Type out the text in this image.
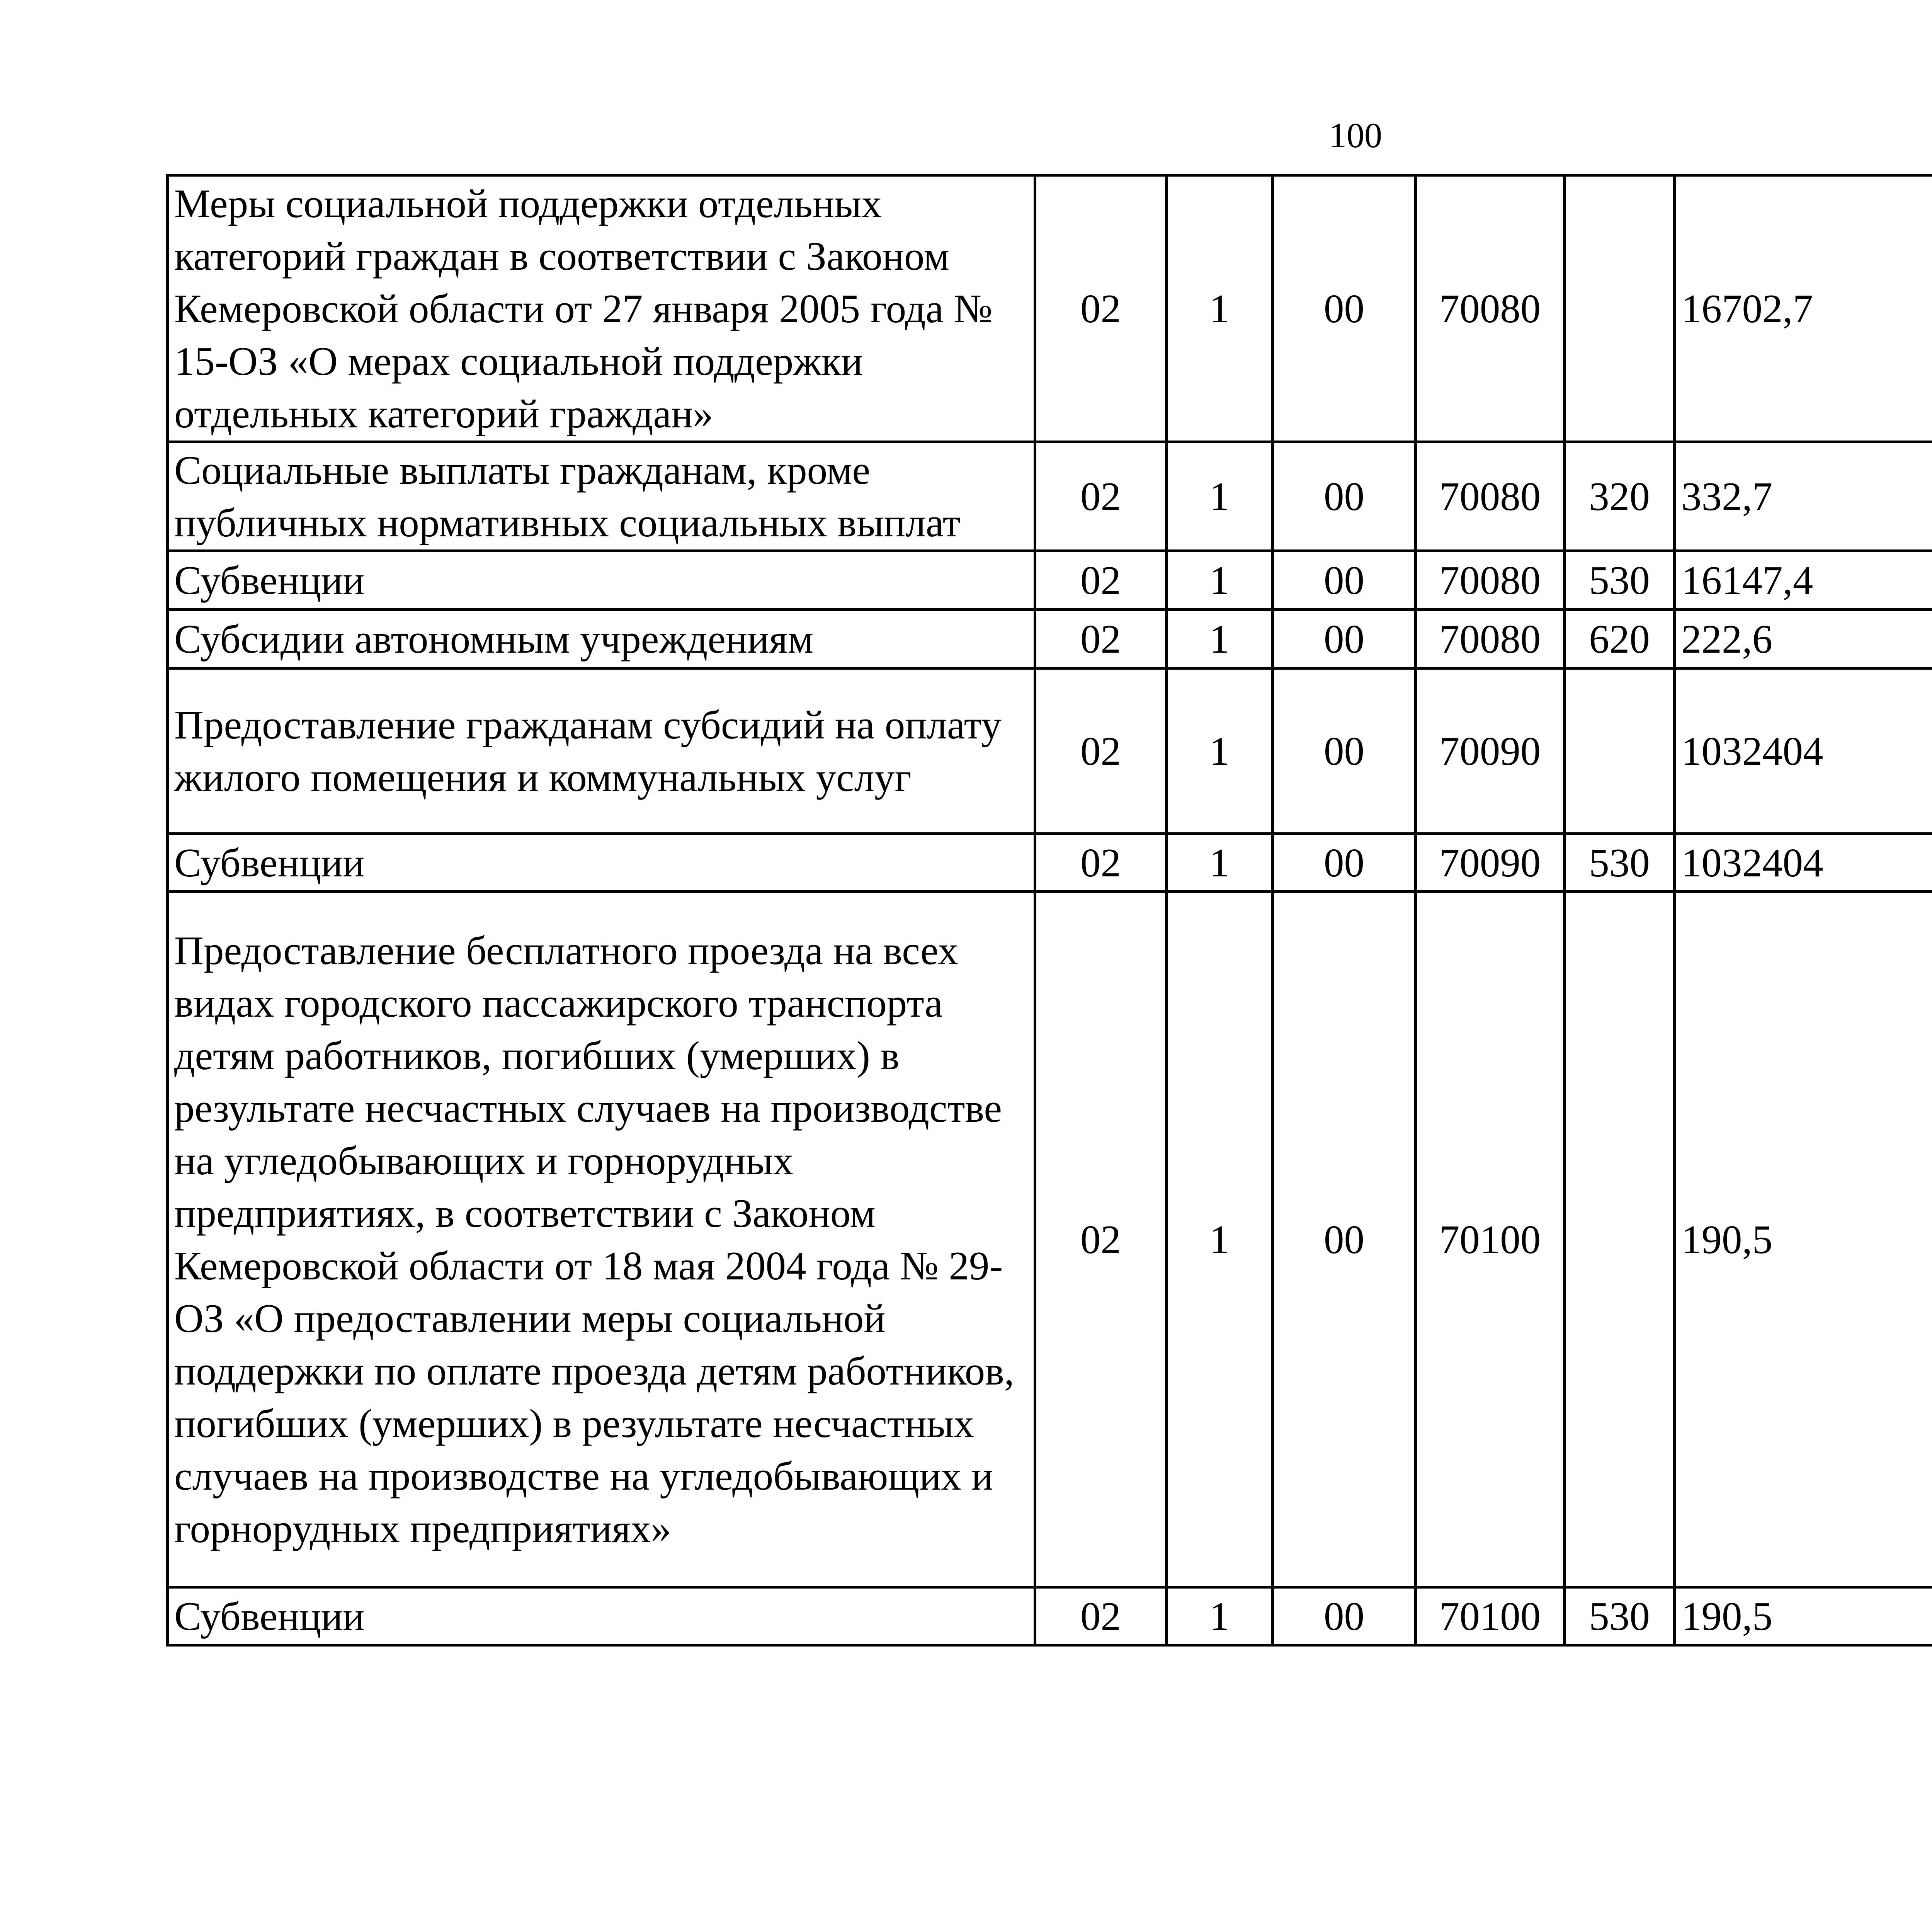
100
Меры социальной поддержки отдельных категорий граждан в соответствии с Законом Кемеровской области от 27 января 2005 года № 15-ОЗ «О мерах социальной поддержки отдельных категорий граждан»	02	1	00	70080		16702,7		
Социальные выплаты гражданам, кроме публичных нормативных социальных выплат	02	1	00	70080	320	332,7		
Субвенции	02	1	00	70080	530	16147,4		
Субсидии автономным учреждениям	02	1	00	70080	620	222,6		
Предоставление гражданам субсидий на оплату жилого помещения и коммунальных услуг	02	1	00	70090		1032404		
Субвенции	02	1	00	70090	530	1032404		
Предоставление бесплатного проезда на всех видах городского пассажирского транспорта детям работников, погибших (умерших) в результате несчастных случаев на производстве на угледобывающих и горнорудных предприятиях, в соответствии с Законом Кемеровской области от 18 мая 2004 года № 29-ОЗ «О предоставлении меры социальной поддержки по оплате проезда детям работников, погибших (умерших) в результате несчастных случаев на производстве на угледобывающих и горнорудных предприятиях»	02	1	00	70100		190,5		
Субвенции	02	1	00	70100	530	190,5		
